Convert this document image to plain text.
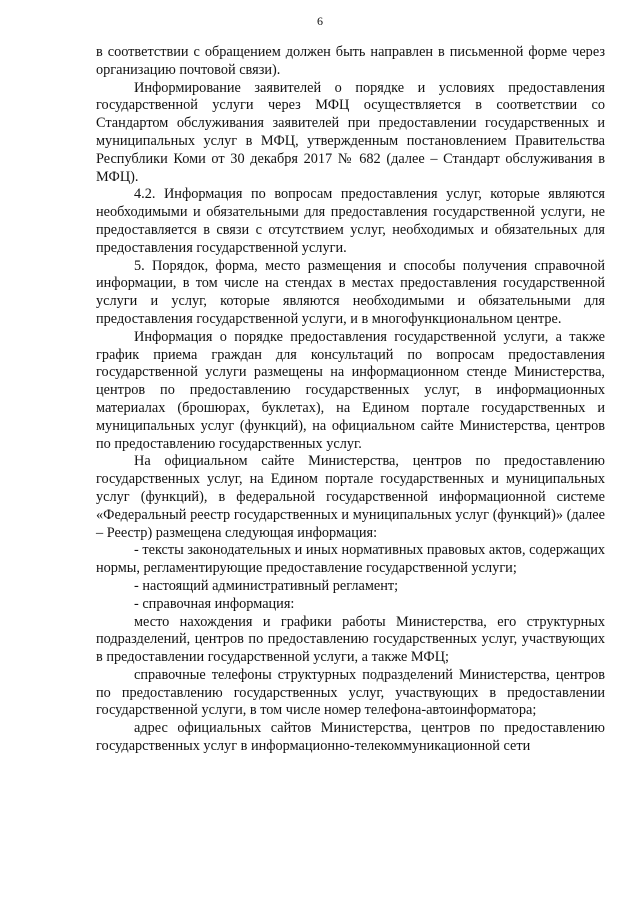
6

в соответствии с обращением должен быть направлен в письменной форме через организацию почтовой связи).

Информирование заявителей о порядке и условиях предоставления государственной услуги через МФЦ осуществляется в соответствии со Стандартом обслуживания заявителей при предоставлении государственных и муниципальных услуг в МФЦ, утвержденным постановлением Правительства Республики Коми от 30 декабря 2017 № 682 (далее – Стандарт обслуживания в МФЦ).

4.2. Информация по вопросам предоставления услуг, которые являются необходимыми и обязательными для предоставления государственной услуги, не предоставляется в связи с отсутствием услуг, необходимых и обязательных для предоставления государственной услуги.

5. Порядок, форма, место размещения и способы получения справочной информации, в том числе на стендах в местах предоставления государственной услуги и услуг, которые являются необходимыми и обязательными для предоставления государственной услуги, и в многофункциональном центре.

Информация о порядке предоставления государственной услуги, а также график приема граждан для консультаций по вопросам предоставления государственной услуги размещены на информационном стенде Министерства, центров по предоставлению государственных услуг, в информационных материалах (брошюрах, буклетах), на Едином портале государственных и муниципальных услуг (функций), на официальном сайте Министерства, центров по предоставлению государственных услуг.

На официальном сайте Министерства, центров по предоставлению государственных услуг, на Едином портале государственных и муниципальных услуг (функций), в федеральной государственной информационной системе «Федеральный реестр государственных и муниципальных услуг (функций)» (далее – Реестр) размещена следующая информация:

- тексты законодательных и иных нормативных правовых актов, содержащих нормы, регламентирующие предоставление государственной услуги;

- настоящий административный регламент;

- справочная информация:

место нахождения и графики работы Министерства, его структурных подразделений, центров по предоставлению государственных услуг, участвующих в предоставлении государственной услуги, а также МФЦ;

справочные телефоны структурных подразделений Министерства, центров по предоставлению государственных услуг, участвующих в предоставлении государственной услуги, в том числе номер телефона-автоинформатора;

адрес официальных сайтов Министерства, центров по предоставлению государственных услуг в информационно-телекоммуникационной сети
